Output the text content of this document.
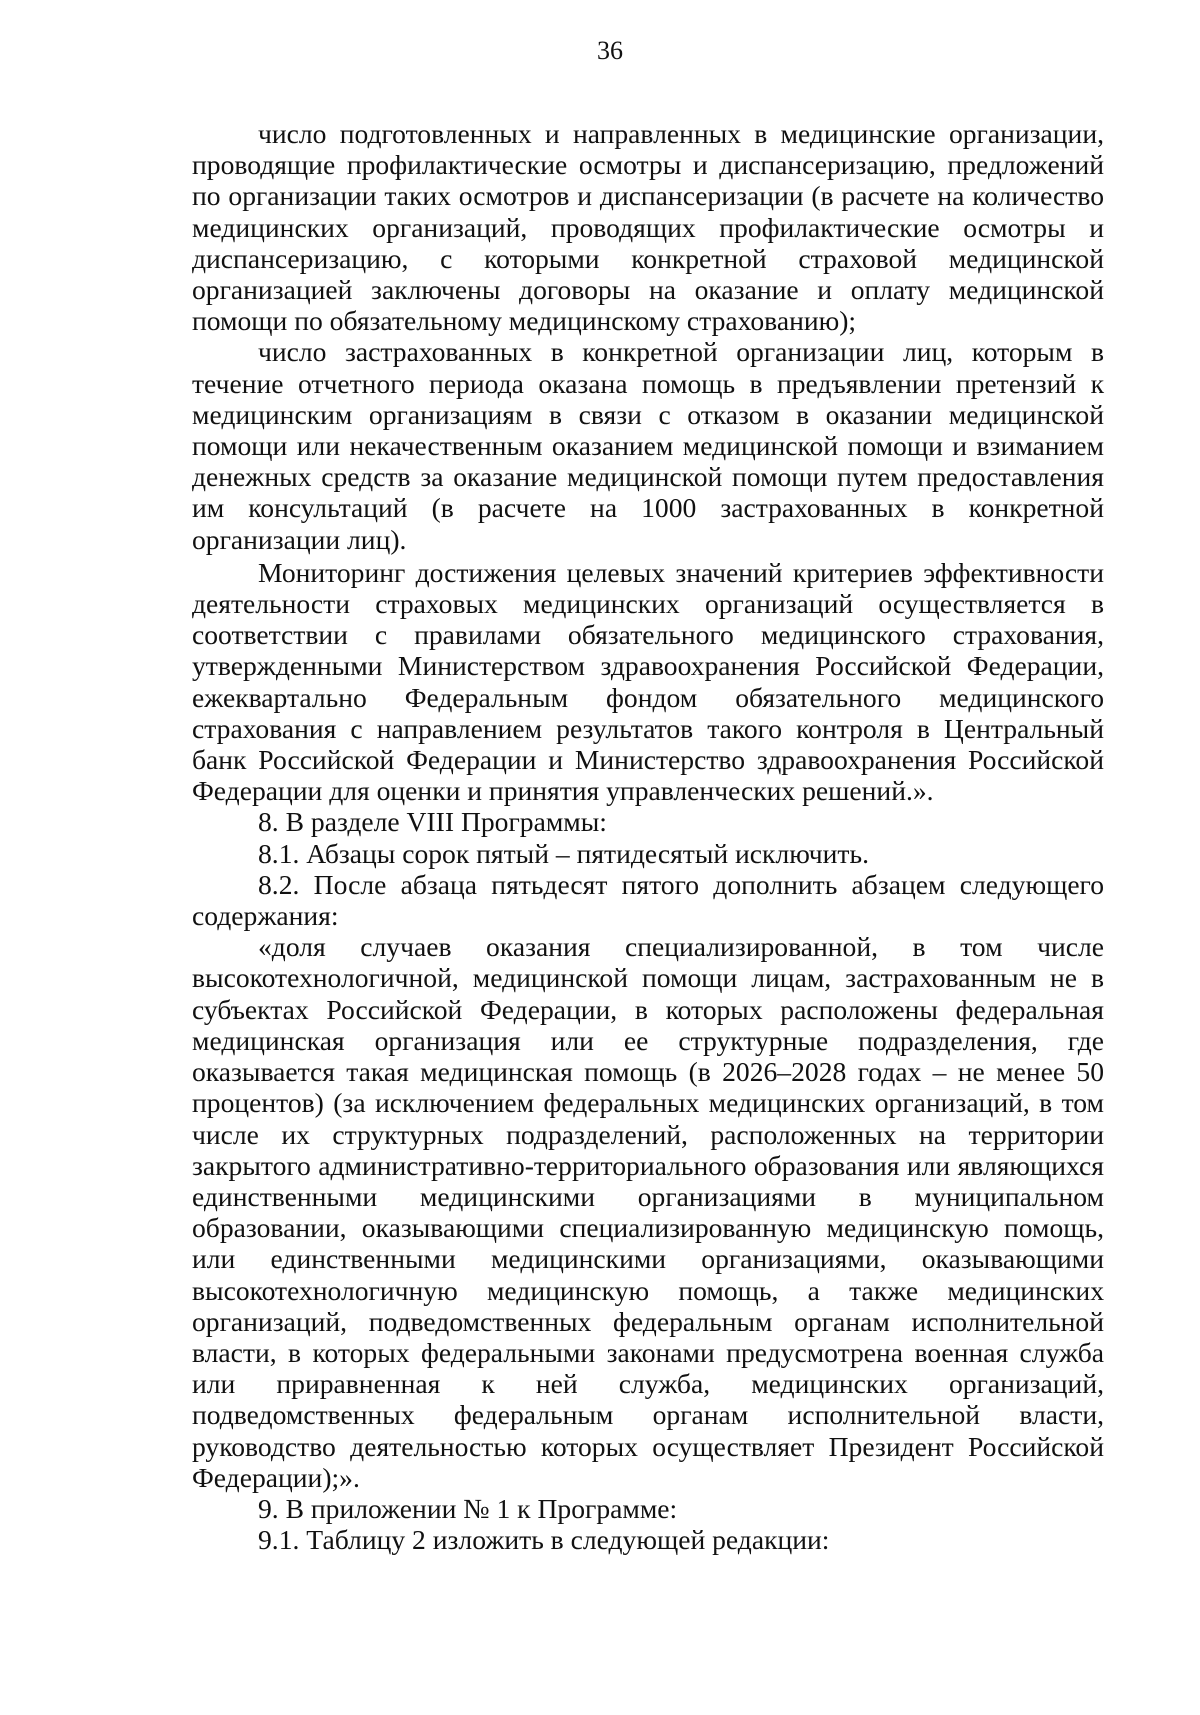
36

число подготовленных и направленных в медицинские организации, проводящие профилактические осмотры и диспансеризацию, предложений по организации таких осмотров и диспансеризации (в расчете на количество медицинских организаций, проводящих профилактические осмотры и диспансеризацию, с которыми конкретной страховой медицинской организацией заключены договоры на оказание и оплату медицинской помощи по обязательному медицинскому страхованию);

число застрахованных в конкретной организации лиц, которым в течение отчетного периода оказана помощь в предъявлении претензий к медицинским организациям в связи с отказом в оказании медицинской помощи или некачественным оказанием медицинской помощи и взиманием денежных средств за оказание медицинской помощи путем предоставления им консультаций (в расчете на 1000 застрахованных в конкретной организации лиц).

Мониторинг достижения целевых значений критериев эффективности деятельности страховых медицинских организаций осуществляется в соответствии с правилами обязательного медицинского страхования, утвержденными Министерством здравоохранения Российской Федерации, ежеквартально Федеральным фондом обязательного медицинского страхования с направлением результатов такого контроля в Центральный банк Российской Федерации и Министерство здравоохранения Российской Федерации для оценки и принятия управленческих решений.».

8. В разделе VIII Программы:

8.1. Абзацы сорок пятый – пятидесятый исключить.

8.2. После абзаца пятьдесят пятого дополнить абзацем следующего содержания:

«доля случаев оказания специализированной, в том числе высокотехнологичной, медицинской помощи лицам, застрахованным не в субъектах Российской Федерации, в которых расположены федеральная медицинская организация или ее структурные подразделения, где оказывается такая медицинская помощь (в 2026–2028 годах – не менее 50 процентов) (за исключением федеральных медицинских организаций, в том числе их структурных подразделений, расположенных на территории закрытого административно-территориального образования или являющихся единственными медицинскими организациями в муниципальном образовании, оказывающими специализированную медицинскую помощь, или единственными медицинскими организациями, оказывающими высокотехнологичную медицинскую помощь, а также медицинских организаций, подведомственных федеральным органам исполнительной власти, в которых федеральными законами предусмотрена военная служба или приравненная к ней служба, медицинских организаций, подведомственных федеральным органам исполнительной власти, руководство деятельностью которых осуществляет Президент Российской Федерации);».

9. В приложении № 1 к Программе:

9.1. Таблицу 2 изложить в следующей редакции:
